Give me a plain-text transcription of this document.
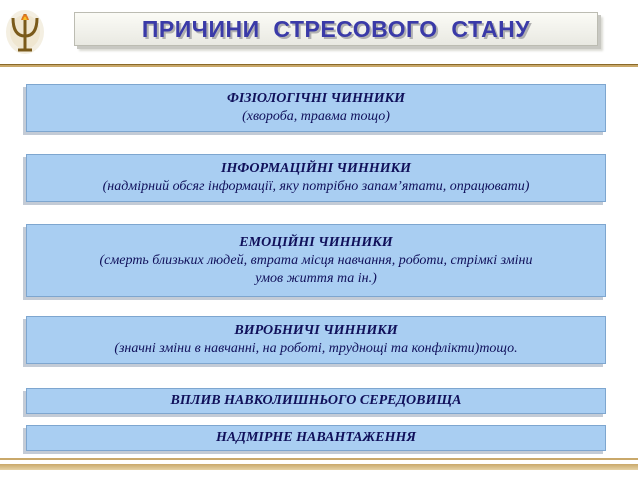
ПРИЧИНИ  СТРЕСОВОГО  СТАНУ
ФІЗІОЛОГІЧНІ ЧИННИКИ
(хвороба, травма тощо)
ІНФОРМАЦІЙНІ ЧИННИКИ
(надмірний обсяг інформації, яку потрібно запам’ятати, опрацювати)
ЕМОЦІЙНІ ЧИННИКИ
(смерть близьких людей, втрата місця навчання, роботи, стрімкі зміни
умов життя та ін.)
ВИРОБНИЧІ ЧИННИКИ
(значні зміни в навчанні, на роботі, труднощі та конфлікти)тощо.
ВПЛИВ НАВКОЛИШНЬОГО СЕРЕДОВИЩА
НАДМІРНЕ НАВАНТАЖЕННЯ
